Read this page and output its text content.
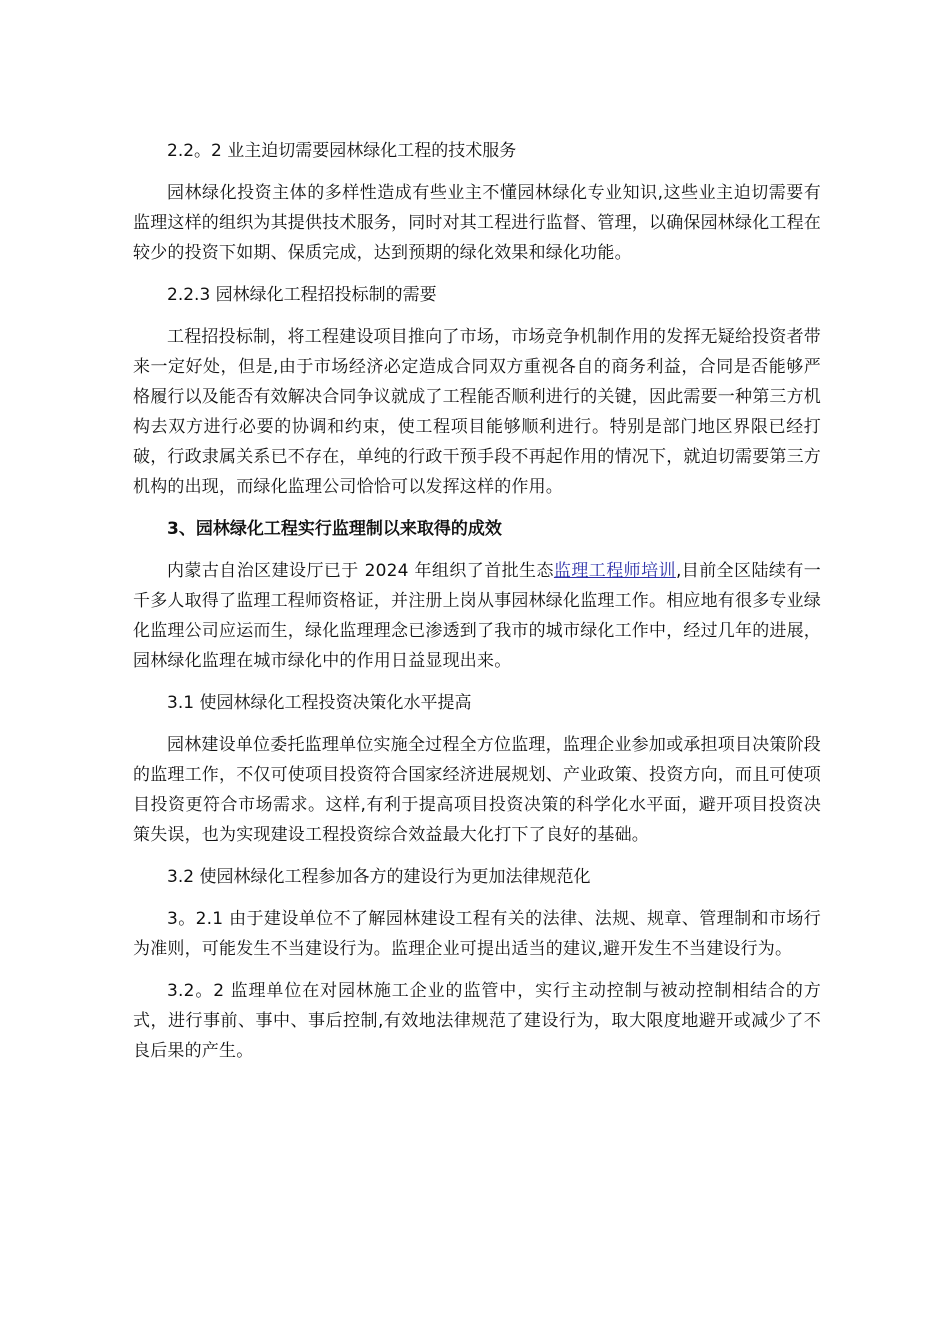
2.2。2 业主迫切需要园林绿化工程的技术服务

园林绿化投资主体的多样性造成有些业主不懂园林绿化专业知识,这些业主迫切需要有监理这样的组织为其提供技术服务，同时对其工程进行监督、管理，以确保园林绿化工程在较少的投资下如期、保质完成，达到预期的绿化效果和绿化功能。

2.2.3 园林绿化工程招投标制的需要

工程招投标制，将工程建设项目推向了市场，市场竞争机制作用的发挥无疑给投资者带来一定好处，但是,由于市场经济必定造成合同双方重视各自的商务利益，合同是否能够严格履行以及能否有效解决合同争议就成了工程能否顺利进行的关键，因此需要一种第三方机构去双方进行必要的协调和约束，使工程项目能够顺利进行。特别是部门地区界限已经打破，行政隶属关系已不存在，单纯的行政干预手段不再起作用的情况下，就迫切需要第三方机构的出现，而绿化监理公司恰恰可以发挥这样的作用。

3、园林绿化工程实行监理制以来取得的成效

内蒙古自治区建设厅已于 2024 年组织了首批生态监理工程师培训,目前全区陆续有一千多人取得了监理工程师资格证，并注册上岗从事园林绿化监理工作。相应地有很多专业绿化监理公司应运而生，绿化监理理念已渗透到了我市的城市绿化工作中，经过几年的进展，园林绿化监理在城市绿化中的作用日益显现出来。

3.1 使园林绿化工程投资决策化水平提高

园林建设单位委托监理单位实施全过程全方位监理，监理企业参加或承担项目决策阶段的监理工作，不仅可使项目投资符合国家经济进展规划、产业政策、投资方向，而且可使项目投资更符合市场需求。这样,有利于提高项目投资决策的科学化水平面，避开项目投资决策失误，也为实现建设工程投资综合效益最大化打下了良好的基础。

3.2 使园林绿化工程参加各方的建设行为更加法律规范化

3。2.1 由于建设单位不了解园林建设工程有关的法律、法规、规章、管理制和市场行为准则，可能发生不当建设行为。监理企业可提出适当的建议,避开发生不当建设行为。

3.2。2 监理单位在对园林施工企业的监管中，实行主动控制与被动控制相结合的方式，进行事前、事中、事后控制,有效地法律规范了建设行为，取大限度地避开或减少了不良后果的产生。
